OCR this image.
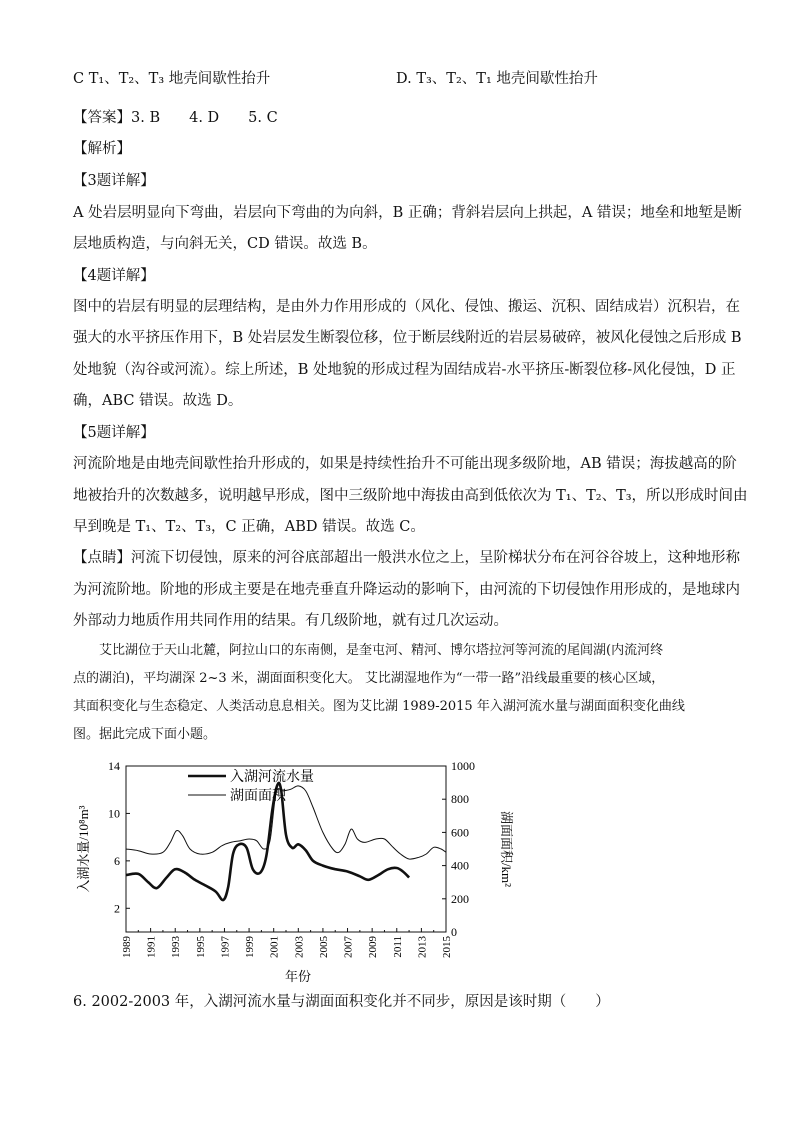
C T₁、T₂、T₃ 地壳间歇性抬升	D. T₃、T₂、T₁ 地壳间歇性抬升
【答案】3. B　　4. D　　5. C
【解析】
【3题详解】
A 处岩层明显向下弯曲，岩层向下弯曲的为向斜，B 正确；背斜岩层向上拱起，A 错误；地垒和地堑是断
层地质构造，与向斜无关，CD 错误。故选 B。
【4题详解】
图中的岩层有明显的层理结构，是由外力作用形成的（风化、侵蚀、搬运、沉积、固结成岩）沉积岩，在
强大的水平挤压作用下，B 处岩层发生断裂位移，位于断层线附近的岩层易破碎，被风化侵蚀之后形成 B
处地貌（沟谷或河流）。综上所述，B 处地貌的形成过程为固结成岩-水平挤压-断裂位移-风化侵蚀，D 正
确，ABC 错误。故选 D。
【5题详解】
河流阶地是由地壳间歇性抬升形成的，如果是持续性抬升不可能出现多级阶地，AB 错误；海拔越高的阶
地被抬升的次数越多，说明越早形成，图中三级阶地中海拔由高到低依次为 T₁、T₂、T₃，所以形成时间由
早到晚是 T₁、T₂、T₃，C 正确，ABD 错误。故选 C。
【点睛】河流下切侵蚀，原来的河谷底部超出一般洪水位之上，呈阶梯状分布在河谷谷坡上，这种地形称
为河流阶地。阶地的形成主要是在地壳垂直升降运动的影响下，由河流的下切侵蚀作用形成的，是地球内
外部动力地质作用共同作用的结果。有几级阶地，就有过几次运动。

艾比湖位于天山北麓，阿拉山口的东南侧，是奎屯河、精河、博尔塔拉河等河流的尾闾湖(内流河终

点的湖泊)，平均湖深 2~3 米，湖面面积变化大。 艾比湖湿地作为“一带一路”沿线最重要的核心区域，

其面积变化与生态稳定、人类活动息息相关。图为艾比湖 1989-2015 年入湖河流水量与湖面面积变化曲线

图。据此完成下面小题。

1989 1991 1993 1995 1997 1999 2001 2003 2005 2007 2009 2011 2013 2015
2
6
10
14
0
200
400
600
800
1000
入湖河流水量
湖面面积
年份
入湖水量/10⁸m³	湖面面积/km²
6. 2002-2003 年，入湖河流水量与湖面面积变化并不同步，原因是该时期（　　）
